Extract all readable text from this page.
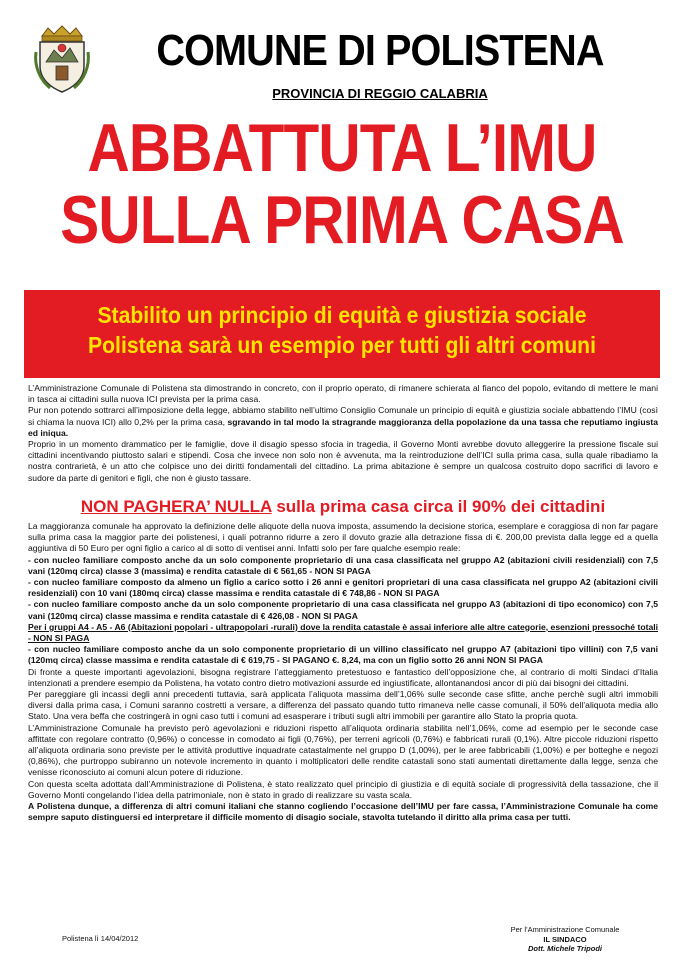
COMUNE DI POLISTENA
PROVINCIA DI REGGIO CALABRIA
ABBATTUTA L’IMU
SULLA PRIMA CASA
Stabilito un principio di equità e giustizia sociale
Polistena sarà un esempio per tutti gli altri comuni

L’Amministrazione Comunale di Polistena sta dimostrando in concreto, con il proprio operato, di rimanere schierata al fianco del popolo, evitando di mettere le mani in tasca ai cittadini sulla nuova ICI prevista per la prima casa.

Pur non potendo sottrarci all’imposizione della legge, abbiamo stabilito nell’ultimo Consiglio Comunale un principio di equità e giustizia sociale abbattendo l’IMU (così si chiama la nuova ICI) allo 0,2% per la prima casa, sgravando in tal modo la stragrande maggioranza della popolazione da una tassa che reputiamo ingiusta ed iniqua.

Proprio in un momento drammatico per le famiglie, dove il disagio spesso sfocia in tragedia, il Governo Monti avrebbe dovuto alleggerire la pressione fiscale sui cittadini incentivando piuttosto salari e stipendi. Cosa che invece non solo non è avvenuta, ma la reintroduzione dell’ICI sulla prima casa, sulla quale ribadiamo la nostra contrarietà, è un atto che colpisce uno dei diritti fondamentali del cittadino. La prima abitazione è sempre un qualcosa costruito dopo sacrifici di lavoro e sudore da parte di genitori e figli, che non è giusto tassare.

NON PAGHERA’ NULLA sulla prima casa circa il 90% dei cittadini

La maggioranza comunale ha approvato la definizione delle aliquote della nuova imposta, assumendo la decisione storica, esemplare e coraggiosa di non far pagare sulla prima casa la maggior parte dei polistenesi, i quali potranno ridurre a zero il dovuto grazie alla detrazione fissa di €. 200,00 prevista dalla legge ed a quella aggiuntiva di 50 Euro per ogni figlio a carico al di sotto di ventisei anni. Infatti solo per fare qualche esempio reale:

- con nucleo familiare composto anche da un solo componente proprietario di una casa classificata nel gruppo A2 (abitazioni civili residenziali) con 7,5 vani (120mq circa) classe 3 (massima) e rendita catastale di € 561,65 - NON SI PAGA

- con nucleo familiare composto da almeno un figlio a carico sotto i 26 anni e genitori proprietari di una casa classificata nel gruppo A2 (abitazioni civili residenziali) con 10 vani (180mq circa) classe massima e rendita catastale di € 748,86 - NON SI PAGA

- con nucleo familiare composto anche da un solo componente proprietario di una casa classificata nel gruppo A3 (abitazioni di tipo economico) con 7,5 vani (120mq circa) classe massima e rendita catastale di € 426,08 - NON SI PAGA

Per i gruppi A4 - A5 - A6 (Abitazioni popolari - ultrapopolari -rurali) dove la rendita catastale è assai inferiore alle altre categorie, esenzioni pressoché totali - NON SI PAGA

- con nucleo familiare composto anche da un solo componente proprietario di un villino classificato nel gruppo A7 (abitazioni tipo villini) con 7,5 vani (120mq circa) classe massima e rendita catastale di € 619,75 - SI PAGANO €. 8,24, ma con un figlio sotto 26 anni NON SI PAGA

Di fronte a queste importanti agevolazioni, bisogna registrare l’atteggiamento pretestuoso e fantastico dell’opposizione che, al contrario di molti Sindaci d’Italia intenzionati a prendere esempio da Polistena, ha votato contro dietro motivazioni assurde ed ingiustificate, allontanandosi ancor di più dai bisogni dei cittadini.

Per pareggiare gli incassi degli anni precedenti tuttavia, sarà applicata l’aliquota massima dell’1,06% sulle seconde case sfitte, anche perchè sugli altri immobili diversi dalla prima casa, i Comuni saranno costretti a versare, a differenza del passato quando tutto rimaneva nelle casse comunali, il 50% dell’aliquota media allo Stato. Una vera beffa che costringerà in ogni caso tutti i comuni ad esasperare i tributi sugli altri immobili per garantire allo Stato la propria quota.

L’Amministrazione Comunale ha previsto però agevolazioni e riduzioni rispetto all’aliquota ordinaria stabilita nell’1,06%, come ad esempio per le seconde case affittate con regolare contratto (0,96%) o concesse in comodato ai figli (0,76%), per terreni agricoli (0,76%) e fabbricati rurali (0,1%). Altre piccole riduzioni rispetto all’aliquota ordinaria sono previste per le attività produttive inquadrate catastalmente nel gruppo D (1,00%), per le aree fabbricabili (1,00%) e per botteghe e negozi (0,86%), che purtroppo subiranno un notevole incremento in quanto i moltiplicatori delle rendite catastali sono stati aumentati direttamente dalla legge, senza che venisse riconosciuto ai comuni alcun potere di riduzione.

Con questa scelta adottata dall’Amministrazione di Polistena, è stato realizzato quel principio di giustizia e di equità sociale di progressività della tassazione, che il Governo Monti congelando l’idea della patrimoniale, non è stato in grado di realizzare su vasta scala.

A Polistena dunque, a differenza di altri comuni italiani che stanno cogliendo l’occasione dell’IMU per fare cassa, l’Amministrazione Comunale ha come sempre saputo distinguersi ed interpretare il difficile momento di disagio sociale, stavolta tutelando il diritto alla prima casa per tutti.

Polistena lì 14/04/2012
Per l’Amministrazione Comunale
IL SINDACO
Dott. Michele Tripodi
